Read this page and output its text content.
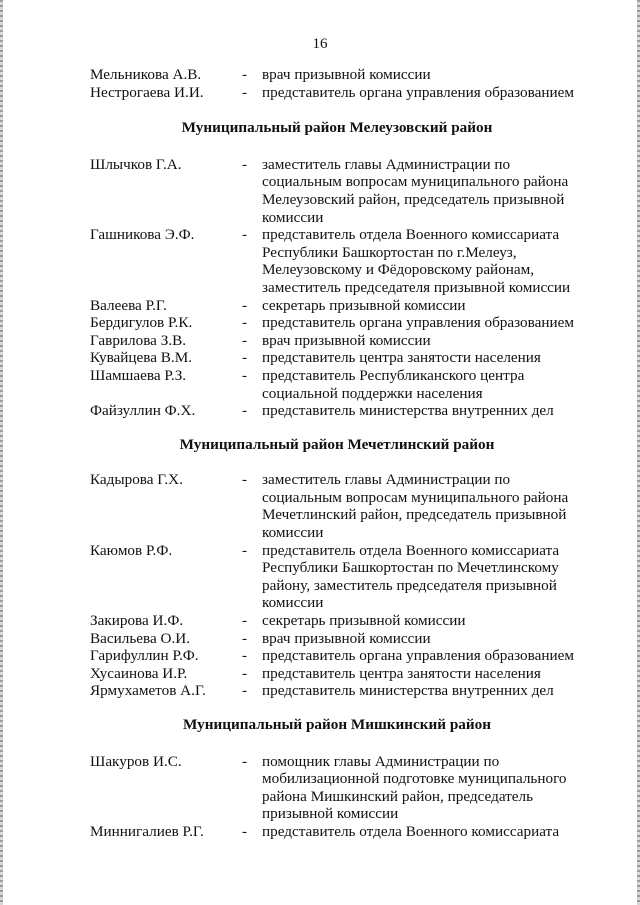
16
Мельникова А.В.	- врач призывной комиссии
Нестрогаева И.И.	- представитель органа управления образованием
Муниципальный район Мелеузовский район
Шлычков Г.А.	- заместитель главы Администрации по
социальным вопросам муниципального района
Мелеузовский район, председатель призывной
комиссии
Гашникова Э.Ф.	- представитель отдела Военного комиссариата
Республики Башкортостан по г.Мелеуз,
Мелеузовскому и Фёдоровскому районам,
заместитель председателя призывной комиссии
Валеева Р.Г.	- секретарь призывной комиссии
Бердигулов Р.К.	- представитель органа управления образованием
Гаврилова З.В.	- врач призывной комиссии
Кувайцева В.М.	- представитель центра занятости населения
Шамшаева Р.З.	- представитель Республиканского центра
социальной поддержки населения
Файзуллин Ф.Х.	- представитель министерства внутренних дел
Муниципальный район Мечетлинский район
Кадырова Г.Х.	- заместитель главы Администрации по
социальным вопросам муниципального района
Мечетлинский район, председатель призывной
комиссии
Каюмов Р.Ф.	- представитель отдела Военного комиссариата
Республики Башкортостан по Мечетлинскому
району, заместитель председателя призывной
комиссии
Закирова И.Ф.	- секретарь призывной комиссии
Васильева О.И.	- врач призывной комиссии
Гарифуллин Р.Ф.	- представитель органа управления образованием
Хусаинова И.Р.	- представитель центра занятости населения
Ярмухаметов А.Г.	- представитель министерства внутренних дел
Муниципальный район Мишкинский район
Шакуров И.С.	- помощник главы Администрации по
мобилизационной подготовке муниципального
района Мишкинский район, председатель
призывной комиссии
Миннигалиев Р.Г.	- представитель отдела Военного комиссариата
